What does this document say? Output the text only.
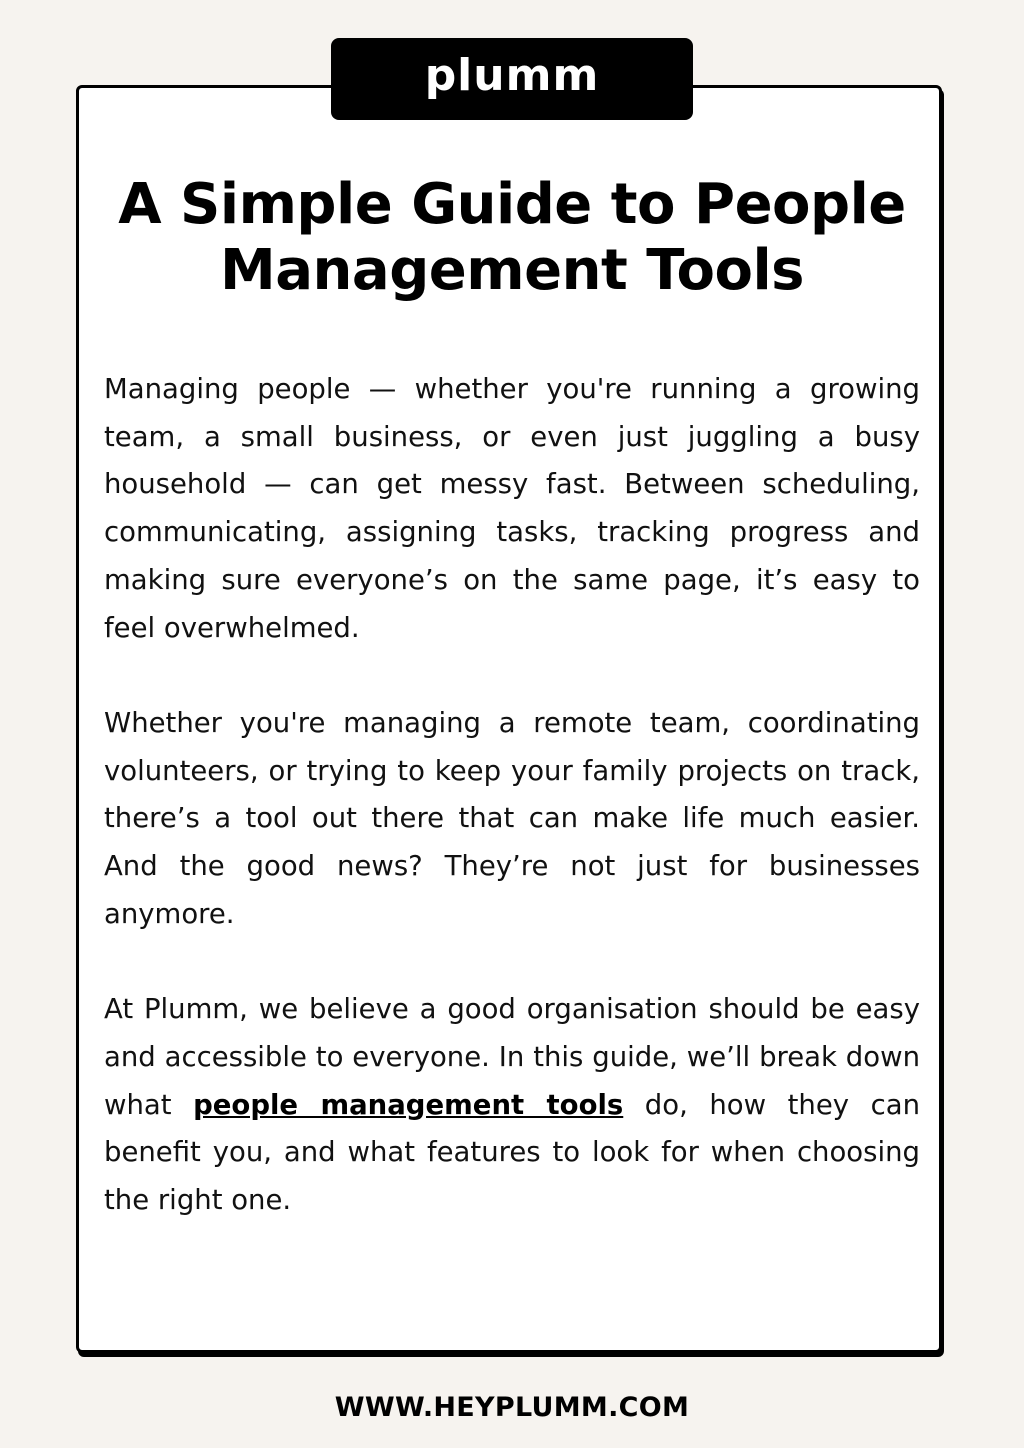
plumm
A Simple Guide to People Management Tools

Managing people — whether you're running a growing team, a small business, or even just juggling a busy household — can get messy fast. Between scheduling, communicating, assigning tasks, tracking progress and making sure everyone’s on the same page, it’s easy to feel overwhelmed.

Whether you're managing a remote team, coordinating volunteers, or trying to keep your family projects on track, there’s a tool out there that can make life much easier. And the good news? They’re not just for businesses anymore.

At Plumm, we believe a good organisation should be easy and accessible to everyone. In this guide, we’ll break down what people management tools do, how they can benefit you, and what features to look for when choosing the right one.

WWW.HEYPLUMM.COM
